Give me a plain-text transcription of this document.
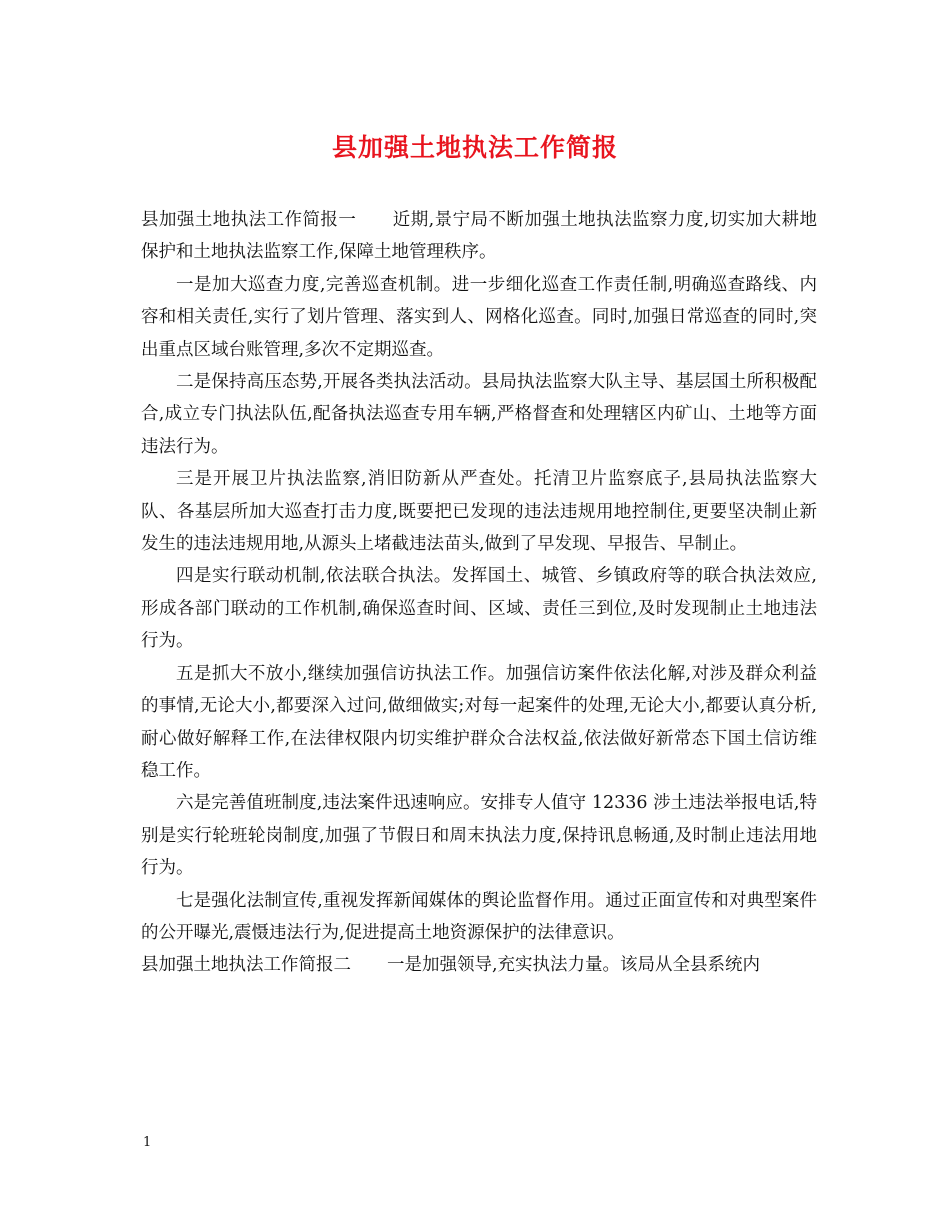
县加强土地执法工作简报

县加强土地执法工作简报一 近期,景宁局不断加强土地执法监察力度,切实加大耕地保护和土地执法监察工作,保障土地管理秩序。

一是加大巡查力度,完善巡查机制。进一步细化巡查工作责任制,明确巡查路线、内容和相关责任,实行了划片管理、落实到人、网格化巡查。同时,加强日常巡查的同时,突出重点区域台账管理,多次不定期巡查。

二是保持高压态势,开展各类执法活动。县局执法监察大队主导、基层国土所积极配合,成立专门执法队伍,配备执法巡查专用车辆,严格督查和处理辖区内矿山、土地等方面违法行为。

三是开展卫片执法监察,消旧防新从严查处。托清卫片监察底子,县局执法监察大队、各基层所加大巡查打击力度,既要把已发现的违法违规用地控制住,更要坚决制止新发生的违法违规用地,从源头上堵截违法苗头,做到了早发现、早报告、早制止。

四是实行联动机制,依法联合执法。发挥国土、城管、乡镇政府等的联合执法效应,形成各部门联动的工作机制,确保巡查时间、区域、责任三到位,及时发现制止土地违法行为。

五是抓大不放小,继续加强信访执法工作。加强信访案件依法化解,对涉及群众利益的事情,无论大小,都要深入过问,做细做实;对每一起案件的处理,无论大小,都要认真分析,耐心做好解释工作,在法律权限内切实维护群众合法权益,依法做好新常态下国土信访维稳工作。

六是完善值班制度,违法案件迅速响应。安排专人值守 12336 涉土违法举报电话,特别是实行轮班轮岗制度,加强了节假日和周末执法力度,保持讯息畅通,及时制止违法用地行为。

七是强化法制宣传,重视发挥新闻媒体的舆论监督作用。通过正面宣传和对典型案件的公开曝光,震慑违法行为,促进提高土地资源保护的法律意识。

县加强土地执法工作简报二 一是加强领导,充实执法力量。该局从全县系统内

1
